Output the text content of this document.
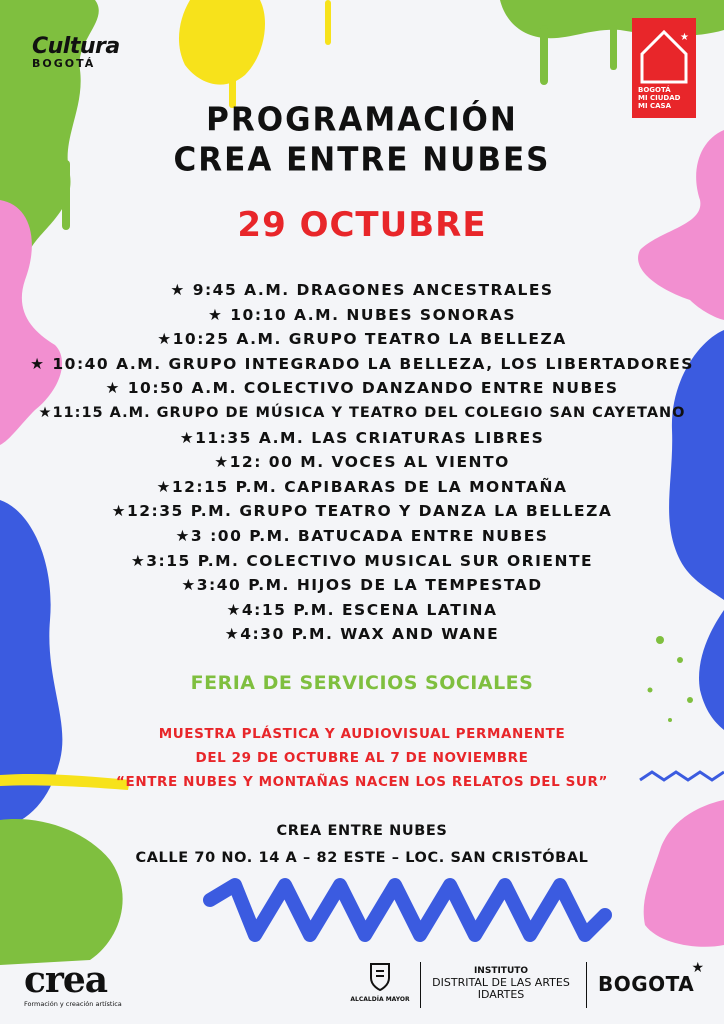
Cultura
BOGOTÁ
★
BOGOTÁ
MI CIUDAD
MI CASA
PROGRAMACIÓN
CREA ENTRE NUBES
29 OCTUBRE
★ 9:45 A.M. DRAGONES ANCESTRALES
★ 10:10 A.M. NUBES SONORAS
★10:25 A.M. GRUPO TEATRO LA BELLEZA
★ 10:40 A.M. GRUPO INTEGRADO LA BELLEZA, LOS LIBERTADORES
★ 10:50 A.M. COLECTIVO DANZANDO ENTRE NUBES
★11:15 A.M. GRUPO DE MÚSICA Y TEATRO DEL COLEGIO SAN CAYETANO
★11:35 A.M. LAS CRIATURAS LIBRES
★12: 00 M. VOCES AL VIENTO
★12:15 P.M. CAPIBARAS DE LA MONTAÑA
★12:35 P.M. GRUPO TEATRO Y DANZA LA BELLEZA
★3 :00 P.M. BATUCADA ENTRE NUBES
★3:15 P.M. COLECTIVO MUSICAL SUR ORIENTE
★3:40 P.M. HIJOS DE LA TEMPESTAD
★4:15 P.M. ESCENA LATINA
★4:30 P.M. WAX AND WANE
FERIA DE SERVICIOS SOCIALES
MUESTRA PLÁSTICA Y AUDIOVISUAL PERMANENTE
DEL 29 DE OCTUBRE AL 7 DE NOVIEMBRE
“ENTRE NUBES Y MONTAÑAS NACEN LOS RELATOS DEL SUR”
CREA ENTRE NUBES
CALLE 70 NO. 14 A – 82 ESTE – LOC. SAN CRISTÓBAL
crea
Formación y creación artística
ALCALDÍA MAYOR
INSTITUTO
DISTRITAL DE LAS ARTES
IDARTES	BOGOTA
★
